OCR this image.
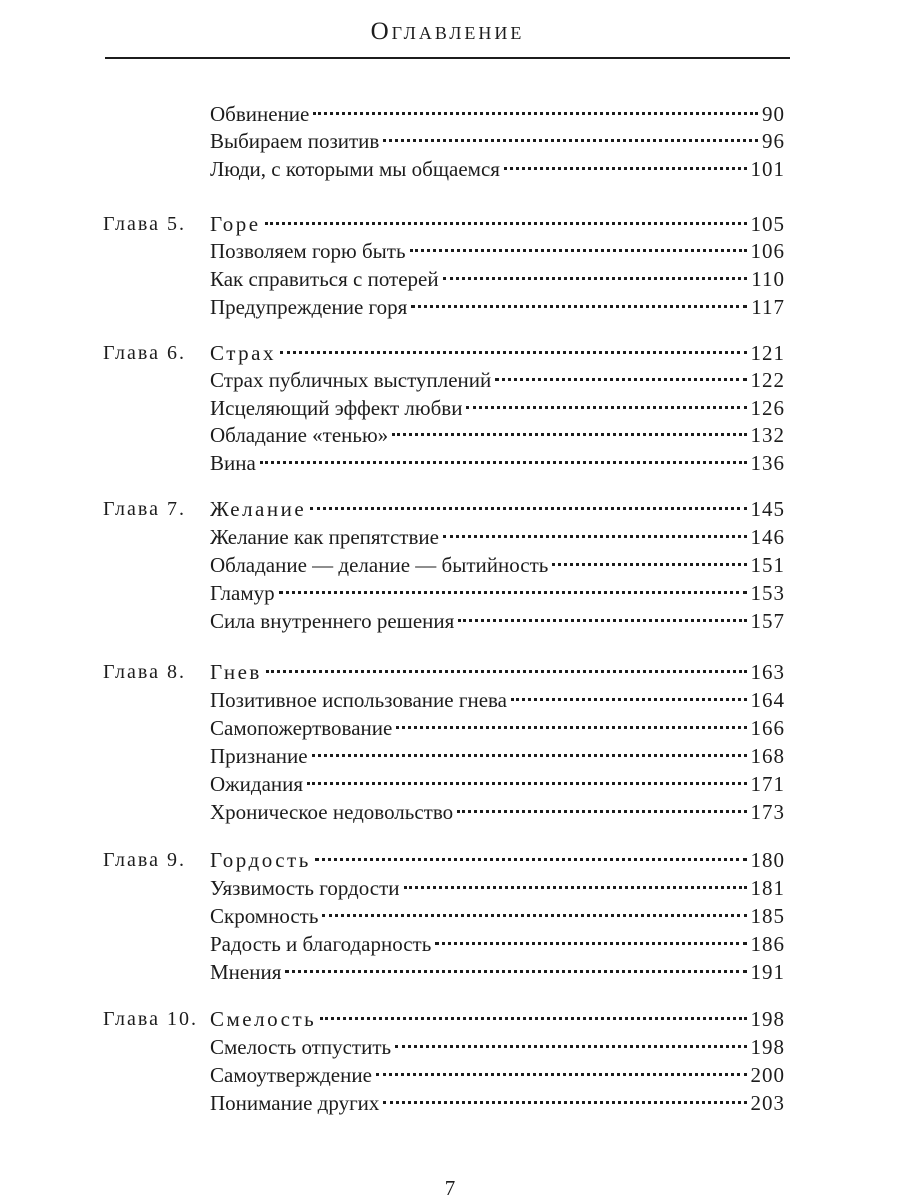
Оглавление
Обвинение	90
Выбираем позитив	96
Люди, с которыми мы общаемся	101
Глава 5. Горе	105
Позволяем горю быть	106
Как справиться с потерей	110
Предупреждение горя	117
Глава 6. Страх	121
Страх публичных выступлений	122
Исцеляющий эффект любви	126
Обладание «тенью»	132
Вина	136
Глава 7. Желание	145
Желание как препятствие	146
Обладание — делание — бытийность	151
Гламур	153
Сила внутреннего решения	157
Глава 8. Гнев	163
Позитивное использование гнева	164
Самопожертвование	166
Признание	168
Ожидания	171
Хроническое недовольство	173
Глава 9. Гордость	180
Уязвимость гордости	181
Скромность	185
Радость и благодарность	186
Мнения	191
Глава 10. Смелость	198
Смелость отпустить	198
Самоутверждение	200
Понимание других	203
7
